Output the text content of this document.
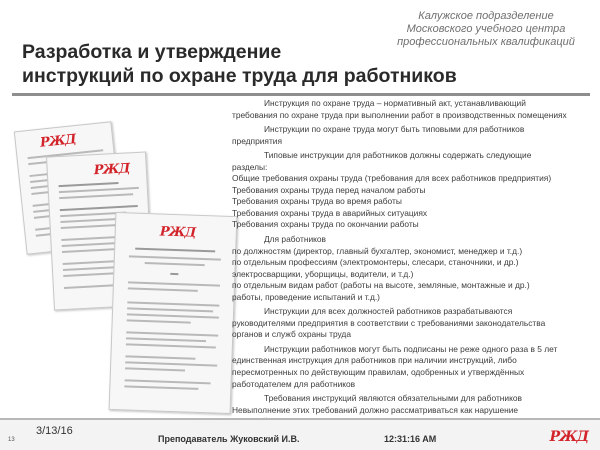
Калужское подразделение
Московского учебного центра
профессиональных квалификаций
Разработка и утверждение
инструкций по охране труда для работников
РЖД
РЖД
РЖД

Инструкция по охране труда – нормативный акт, устанавливающий

требования по охране труда при выполнении работ в производственных помещениях

Инструкции по охране труда могут быть типовыми для работников

предприятия

Типовые инструкции для работников должны содержать следующие

разделы:

Общие требования охраны труда (требования для всех работников предприятия)

Требования охраны труда перед началом работы

Требования охраны труда во время работы

Требования охраны труда в аварийных ситуациях

Требования охраны труда по окончании работы

Для работников

по должностям (директор, главный бухгалтер, экономист, менеджер и т.д.)

по отдельным профессиям (электромонтеры, слесари, станочники, и др.)

электросварщики, уборщицы, водители, и т.д.)

по отдельным видам работ (работы на высоте, земляные, монтажные и др.)

работы, проведение испытаний и т.д.)

Инструкции для всех должностей работников разрабатываются

руководителями предприятия в соответствии с требованиями законодательства

органов и служб охраны труда

Инструкции работников могут быть подписаны не реже одного раза в 5 лет

единственная инструкция для работников при наличии инструкций, либо

пересмотренных по действующим правилам, одобренных и утверждённых

работодателем для работников

Требования инструкций являются обязательными для работников

Невыполнение этих требований должно рассматриваться как нарушение

13
3/13/16
Преподаватель Жуковский И.В.	12:31:16 AM	РЖД
